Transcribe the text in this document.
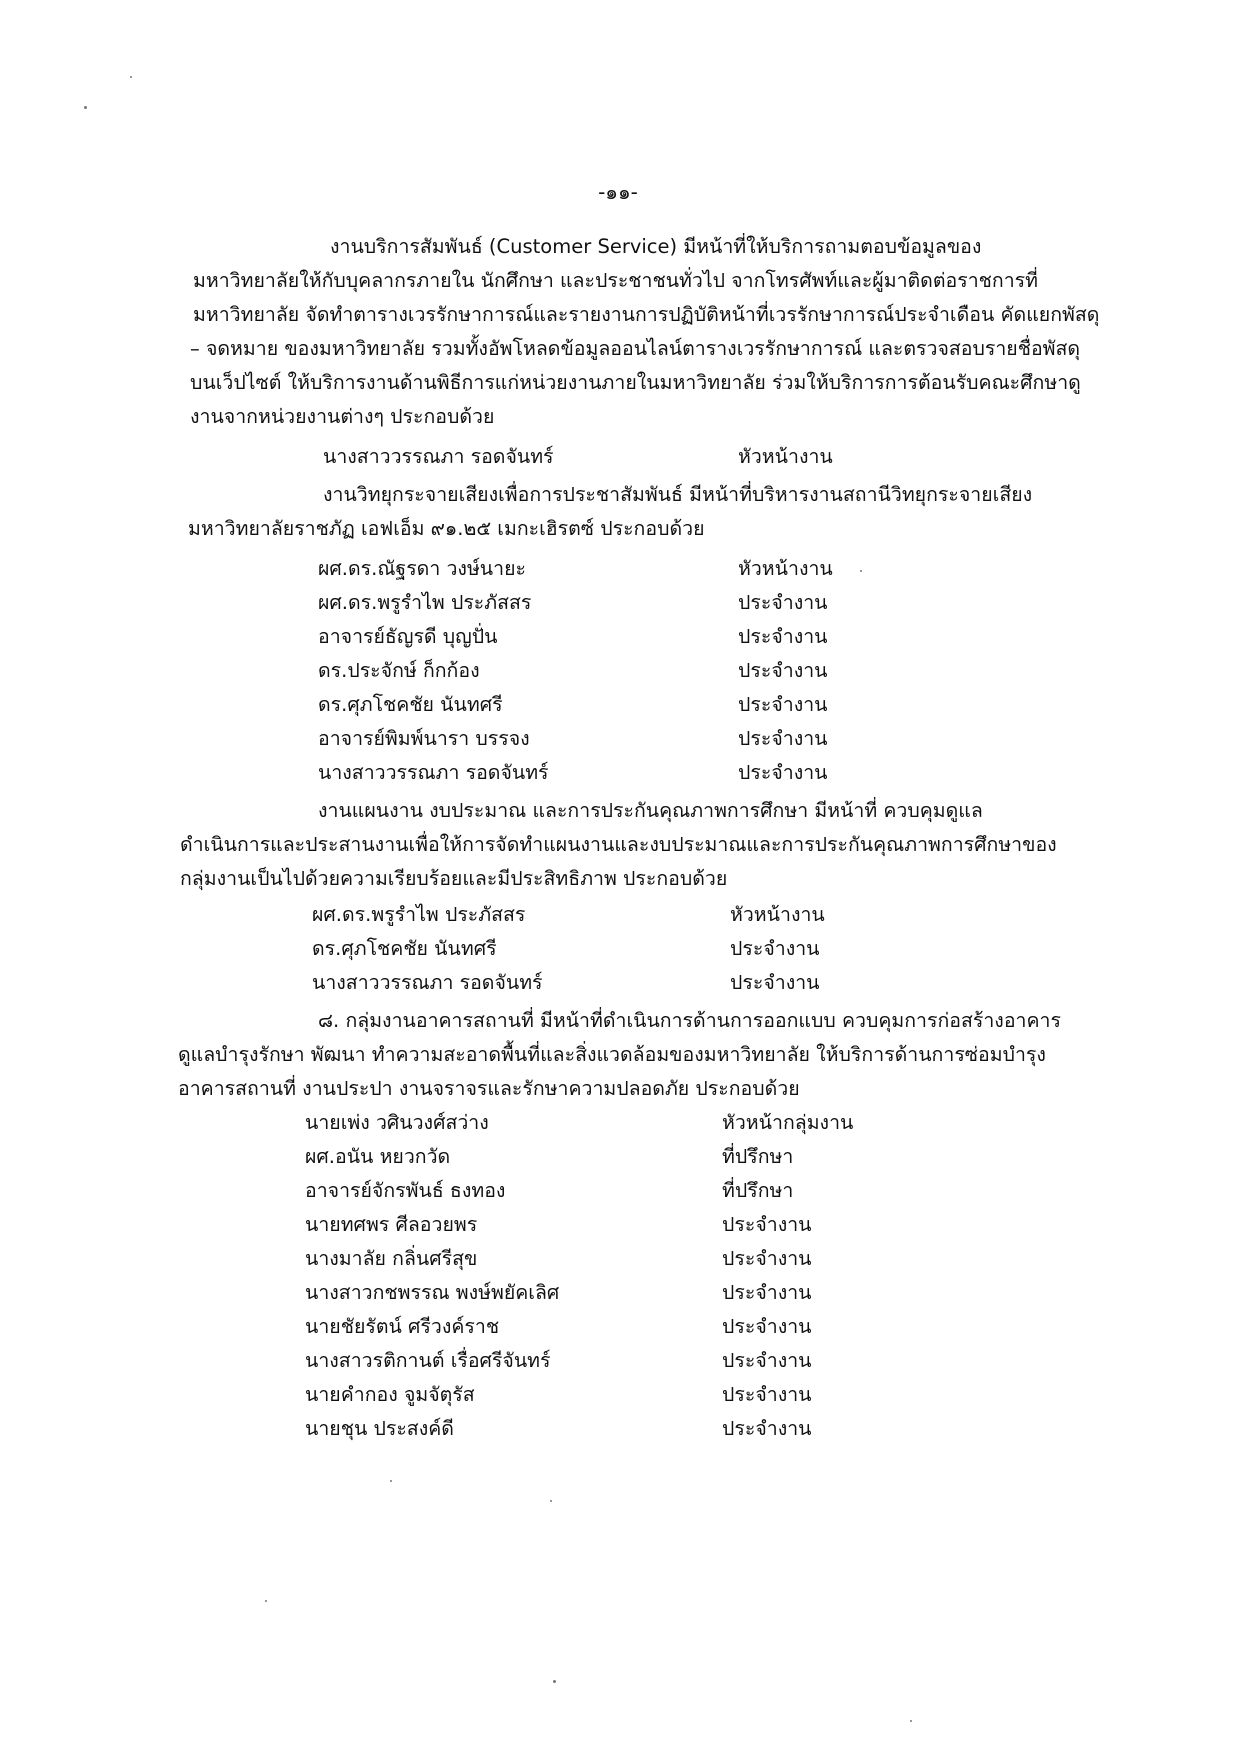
-๑๑-
งานบริการสัมพันธ์ (Customer Service) มีหน้าที่ให้บริการถามตอบข้อมูลของ
มหาวิทยาลัยให้กับบุคลากรภายใน นักศึกษา และประชาชนทั่วไป จากโทรศัพท์และผู้มาติดต่อราชการที่
มหาวิทยาลัย จัดทำตารางเวรรักษาการณ์และรายงานการปฏิบัติหน้าที่เวรรักษาการณ์ประจำเดือน คัดแยกพัสดุ
– จดหมาย ของมหาวิทยาลัย รวมทั้งอัพโหลดข้อมูลออนไลน์ตารางเวรรักษาการณ์ และตรวจสอบรายชื่อพัสดุ
บนเว็ปไซต์ ให้บริการงานด้านพิธีการแก่หน่วยงานภายในมหาวิทยาลัย ร่วมให้บริการการต้อนรับคณะศึกษาดู
งานจากหน่วยงานต่างๆ ประกอบด้วย
นางสาววรรณภา รอดจันทร์	หัวหน้างาน
งานวิทยุกระจายเสียงเพื่อการประชาสัมพันธ์ มีหน้าที่บริหารงานสถานีวิทยุกระจายเสียง
มหาวิทยาลัยราชภัฏ เอฟเอ็ม ๙๑.๒๕ เมกะเฮิรตซ์ ประกอบด้วย
ผศ.ดร.ณัฐรดา วงษ์นายะ	หัวหน้างาน
ผศ.ดร.พรูรำไพ ประภัสสร	ประจำงาน
อาจารย์ธัญรดี บุญปั่น	ประจำงาน
ดร.ประจักษ์ ก็กก้อง	ประจำงาน
ดร.ศุภโชคชัย นันทศรี	ประจำงาน
อาจารย์พิมพ์นารา บรรจง	ประจำงาน
นางสาววรรณภา รอดจันทร์	ประจำงาน
งานแผนงาน งบประมาณ และการประกันคุณภาพการศึกษา มีหน้าที่ ควบคุมดูแล
ดำเนินการและประสานงานเพื่อให้การจัดทำแผนงานและงบประมาณและการประกันคุณภาพการศึกษาของ
กลุ่มงานเป็นไปด้วยความเรียบร้อยและมีประสิทธิภาพ ประกอบด้วย
ผศ.ดร.พรูรำไพ ประภัสสร	หัวหน้างาน
ดร.ศุภโชคชัย นันทศรี	ประจำงาน
นางสาววรรณภา รอดจันทร์	ประจำงาน
๘. กลุ่มงานอาคารสถานที่ มีหน้าที่ดำเนินการด้านการออกแบบ ควบคุมการก่อสร้างอาคาร
ดูแลบำรุงรักษา พัฒนา ทำความสะอาดพื้นที่และสิ่งแวดล้อมของมหาวิทยาลัย ให้บริการด้านการซ่อมบำรุง
อาคารสถานที่ งานประปา งานจราจรและรักษาความปลอดภัย ประกอบด้วย
นายเพ่ง วศินวงศ์สว่าง	หัวหน้ากลุ่มงาน
ผศ.อนัน หยวกวัด	ที่ปรึกษา
อาจารย์จักรพันธ์ ธงทอง	ที่ปรึกษา
นายทศพร ศีลอวยพร	ประจำงาน
นางมาลัย กลิ่นศรีสุข	ประจำงาน
นางสาวกชพรรณ พงษ์พยัคเลิศ	ประจำงาน
นายชัยรัตน์ ศรีวงค์ราช	ประจำงาน
นางสาวรติกานต์ เรื่อศรีจันทร์	ประจำงาน
นายคำกอง จูมจัตุรัส	ประจำงาน
นายชุน ประสงค์ดี	ประจำงาน
